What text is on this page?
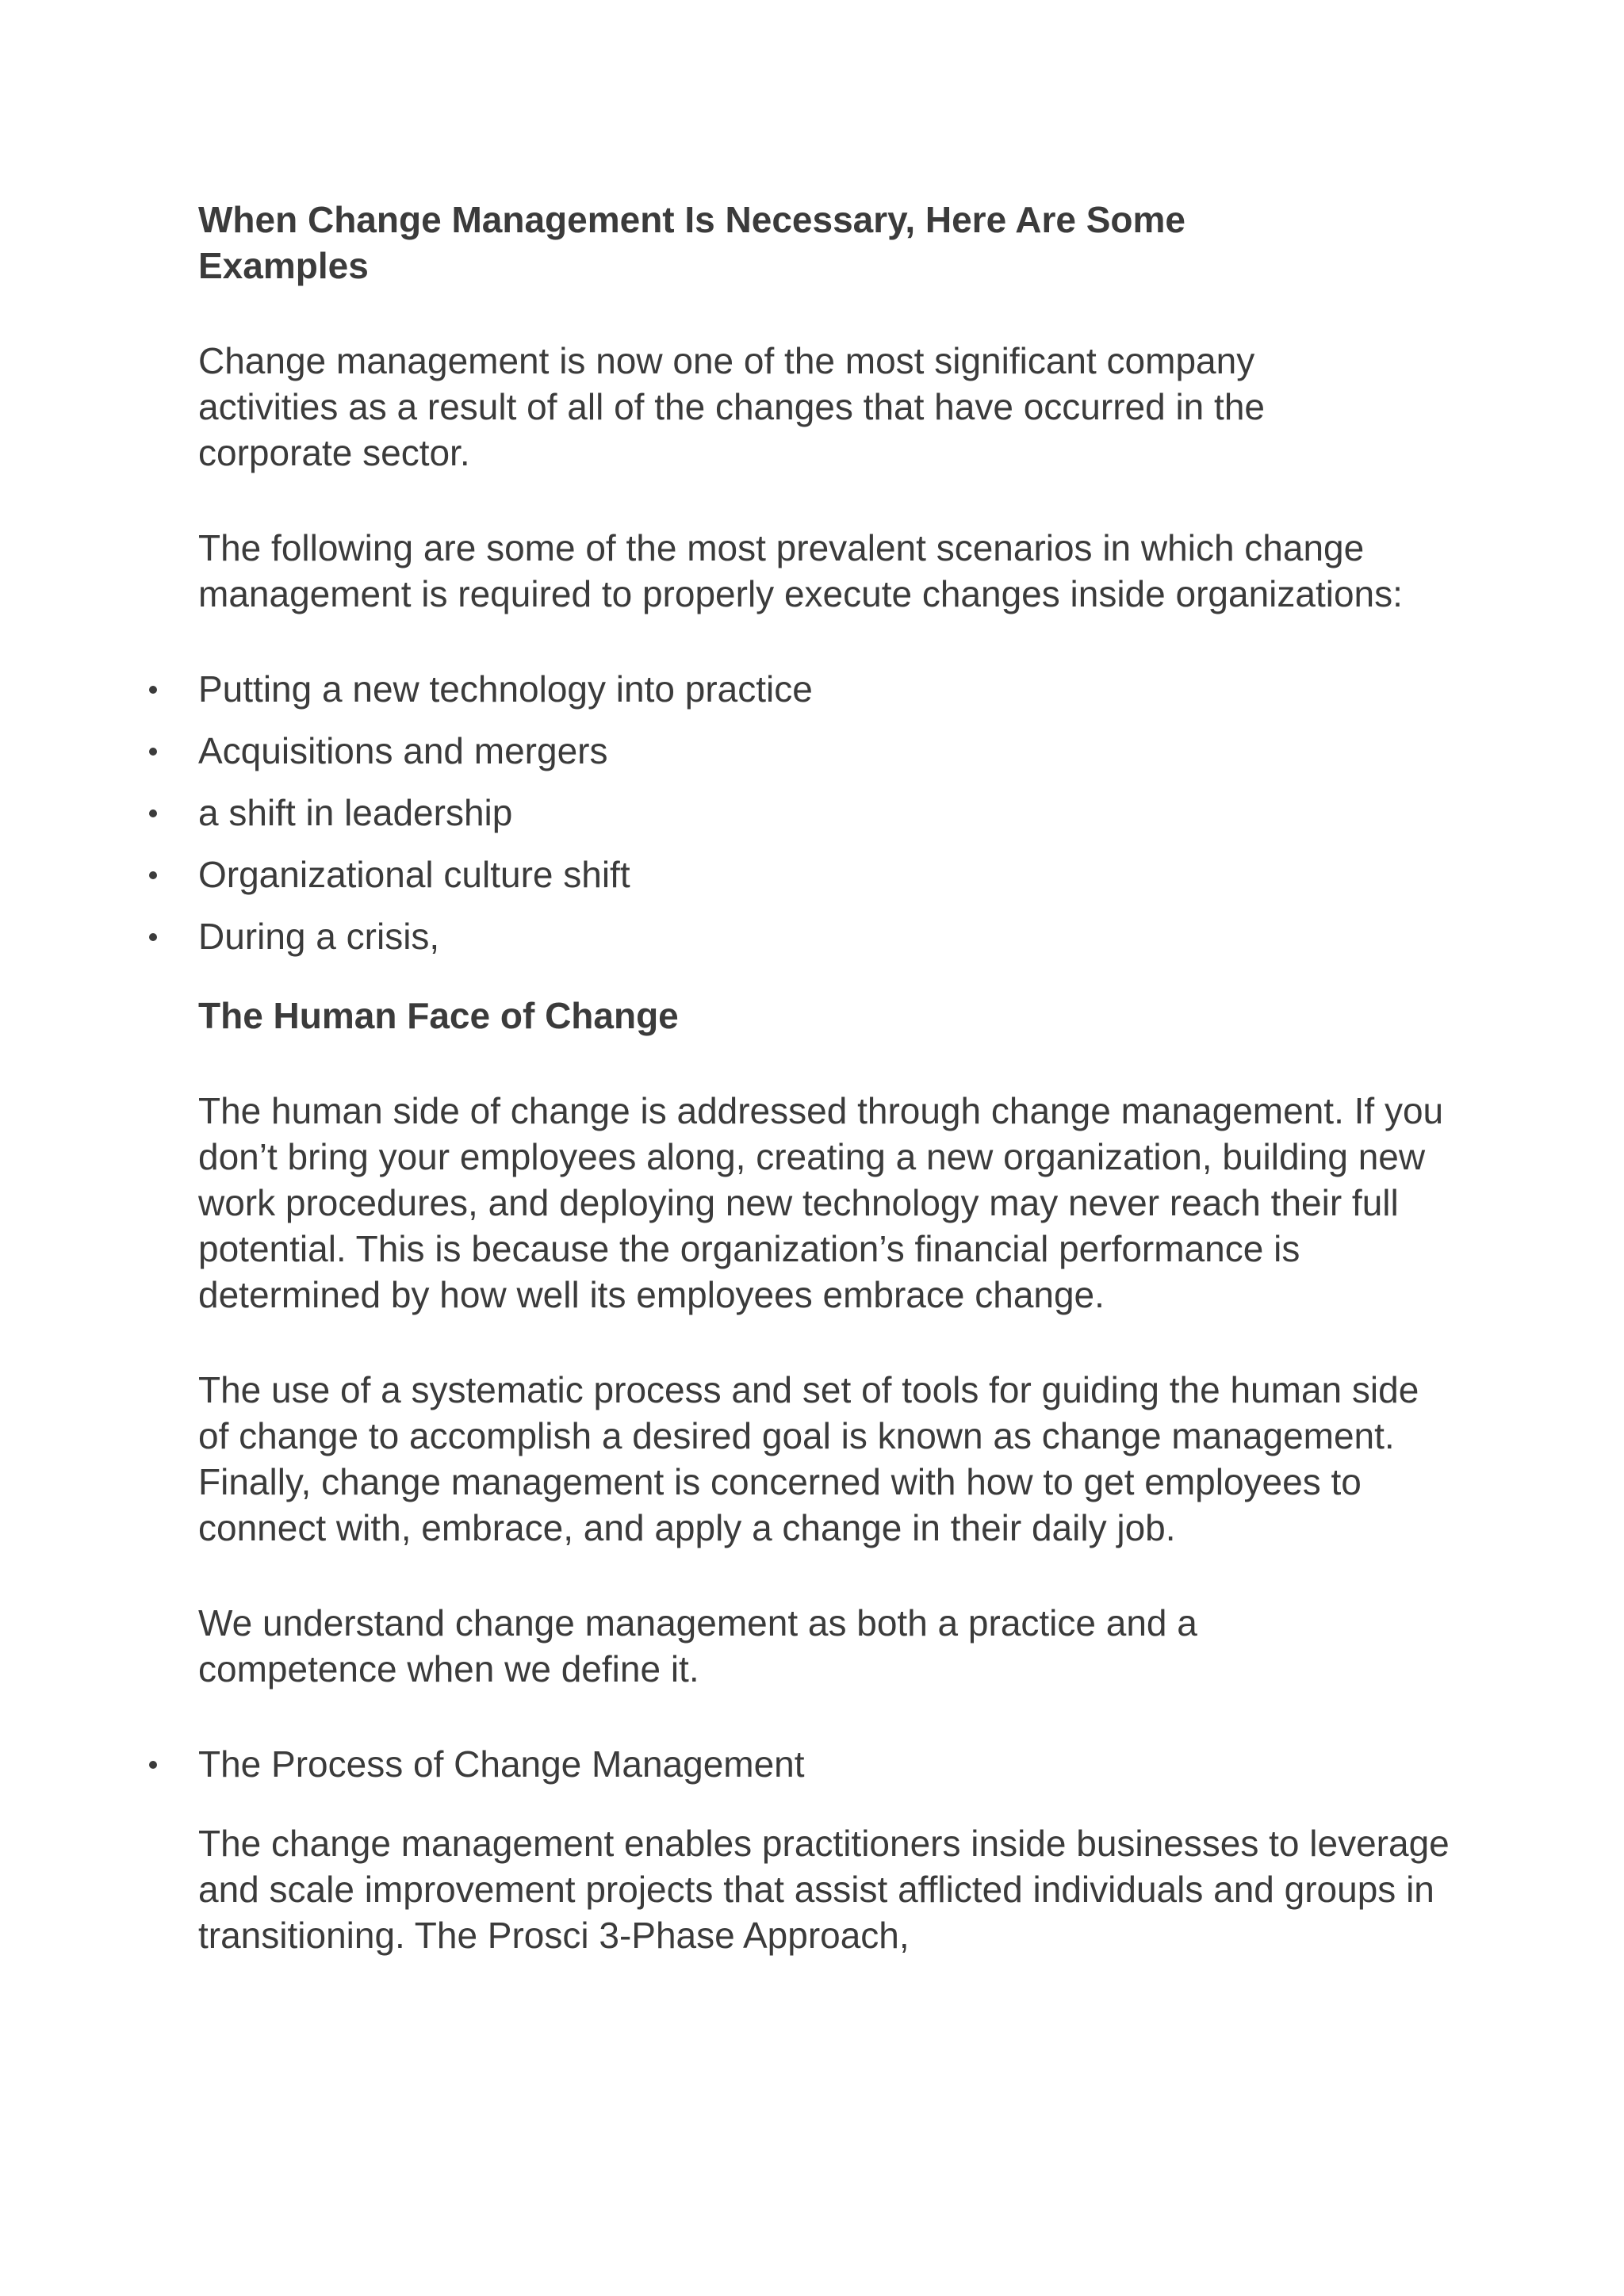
When Change Management Is Necessary, Here Are Some Examples

Change management is now one of the most significant company activities as a result of all of the changes that have occurred in the corporate sector.

The following are some of the most prevalent scenarios in which change management is required to properly execute changes inside organizations:

Putting a new technology into practice
Acquisitions and mergers
a shift in leadership
Organizational culture shift
During a crisis,

The Human Face of Change

The human side of change is addressed through change management. If you don’t bring your employees along, creating a new organization, building new work procedures, and deploying new technology may never reach their full potential. This is because the organization’s financial performance is determined by how well its employees embrace change.

The use of a systematic process and set of tools for guiding the human side of change to accomplish a desired goal is known as change management. Finally, change management is concerned with how to get employees to connect with, embrace, and apply a change in their daily job.

We understand change management as both a practice and a competence when we define it.

The Process of Change Management

The change management enables practitioners inside businesses to leverage and scale improvement projects that assist afflicted individuals and groups in transitioning. The Prosci 3-Phase Approach,
